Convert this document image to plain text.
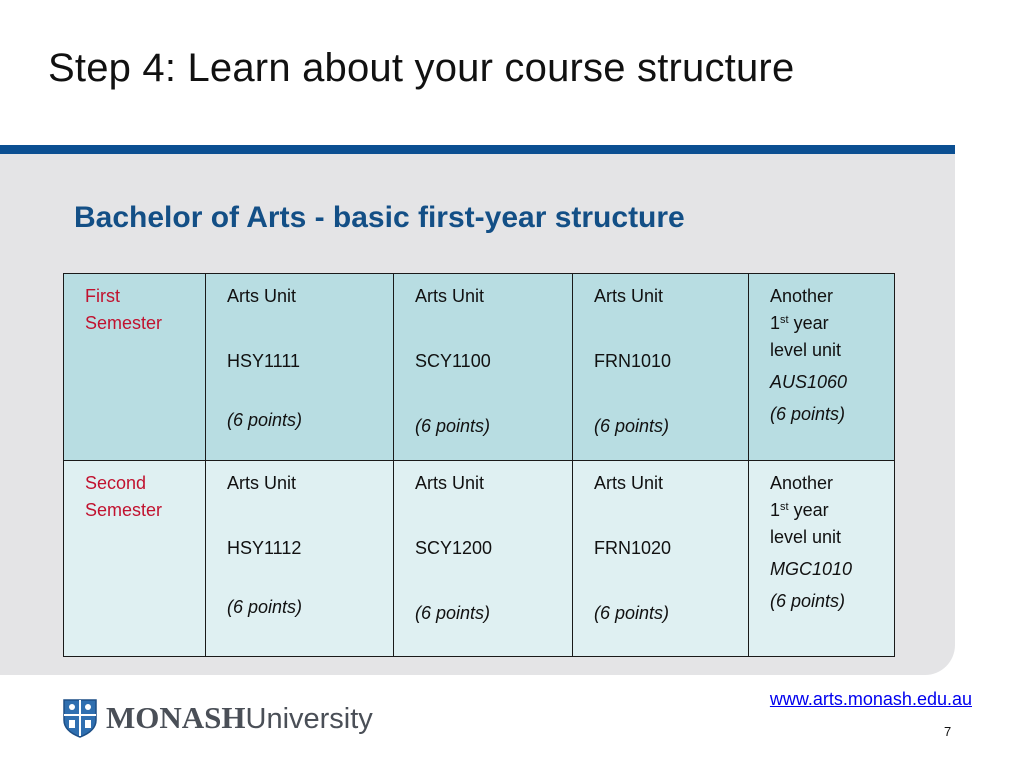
Step 4: Learn about your course structure
Bachelor of Arts - basic first-year structure
First
Semester	Arts Unit
HSY1111
(6 points)	Arts Unit
SCY1100
(6 points)	Arts Unit
FRN1010
(6 points)	Another
1st year
level unit
AUS1060
(6 points)

Second
Semester	Arts Unit
HSY1112
(6 points)	Arts Unit
SCY1200
(6 points)	Arts Unit
FRN1020
(6 points)	Another
1st year
level unit
MGC1010
(6 points)
MONASHUniversity
www.arts.monash.edu.au
7
